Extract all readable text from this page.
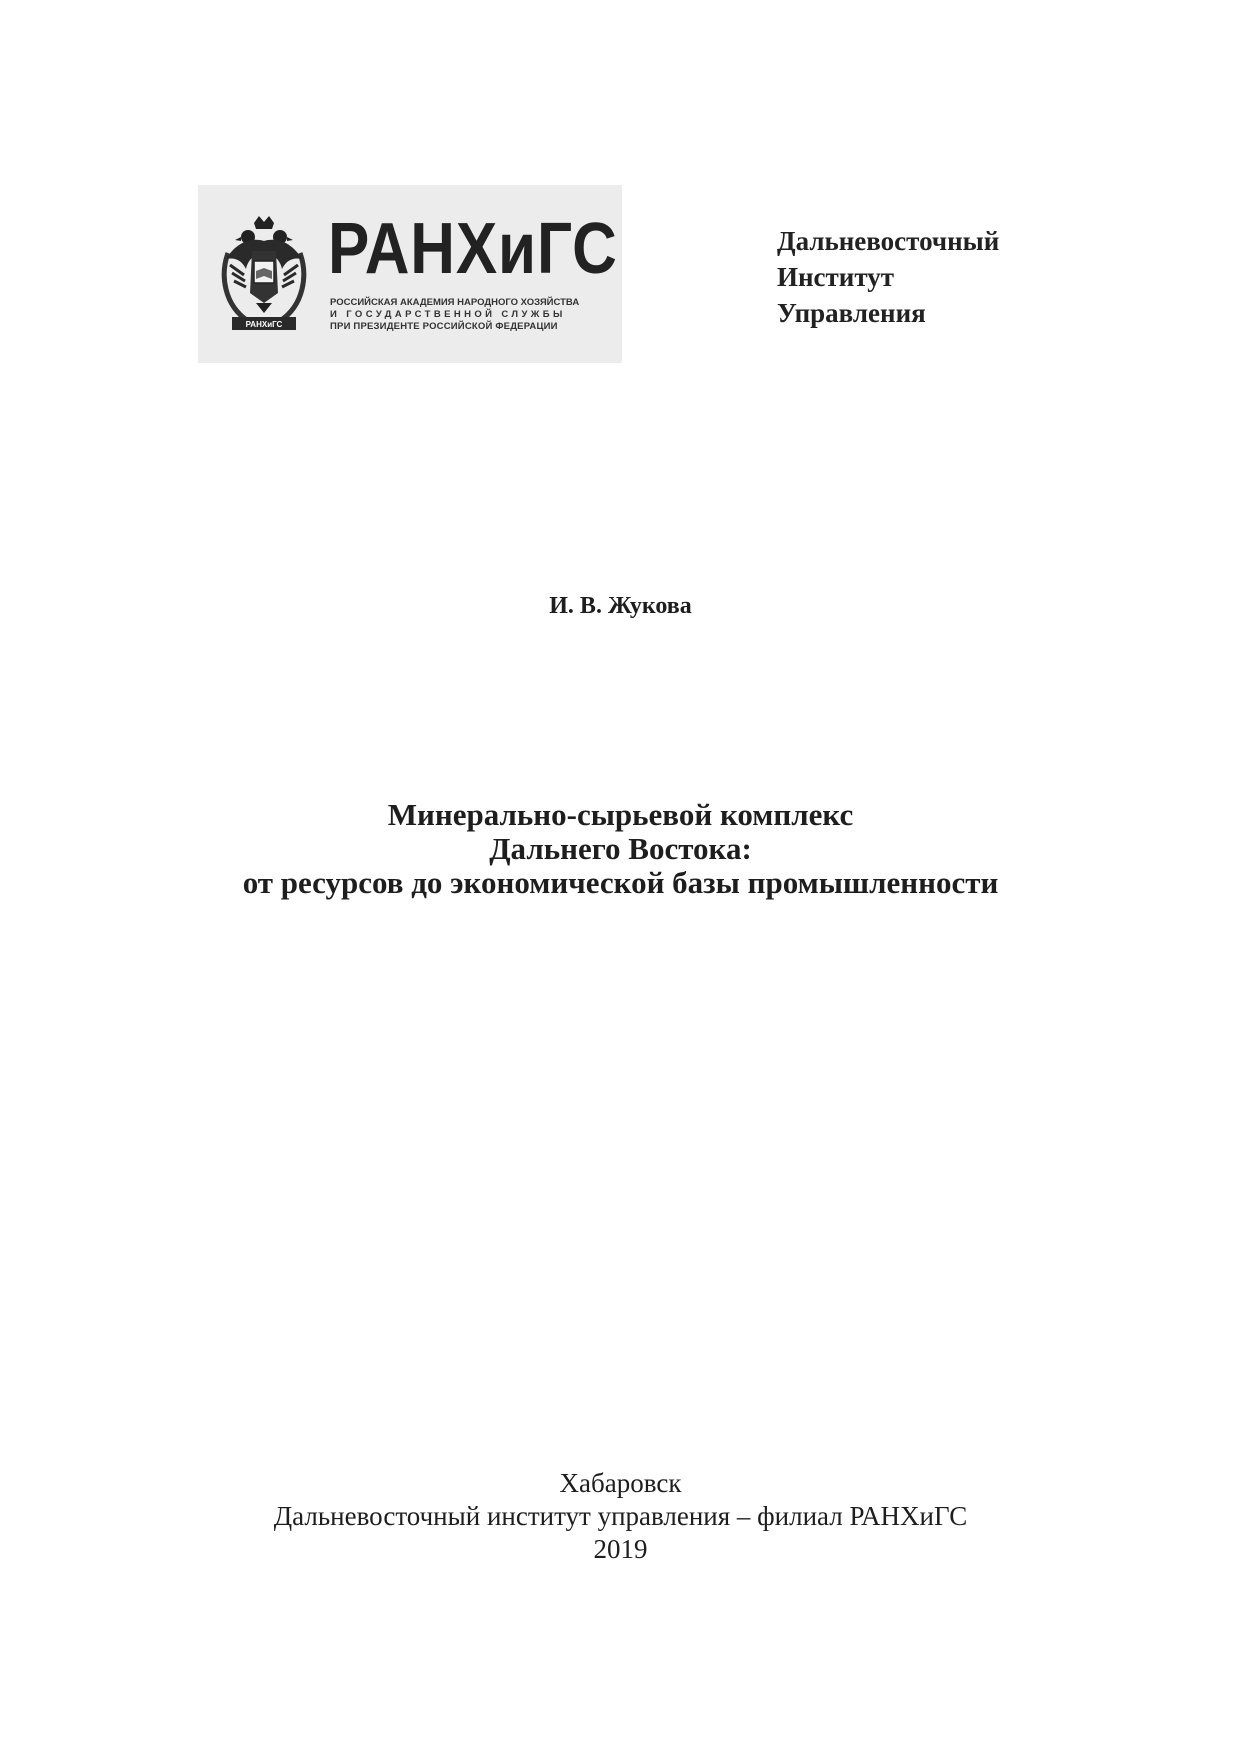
РАНХиГС
РАНХиГС
РОССИЙСКАЯ АКАДЕМИЯ НАРОДНОГО ХОЗЯЙСТВА
И ГОСУДАРСТВЕННОЙ СЛУЖБЫ
ПРИ ПРЕЗИДЕНТЕ РОССИЙСКОЙ ФЕДЕРАЦИИ
Дальневосточный
Институт
Управления
И. В. Жукова
Минерально-сырьевой комплекс
Дальнего Востока:
от ресурсов до экономической базы промышленности
Хабаровск
Дальневосточный институт управления – филиал РАНХиГС
2019
